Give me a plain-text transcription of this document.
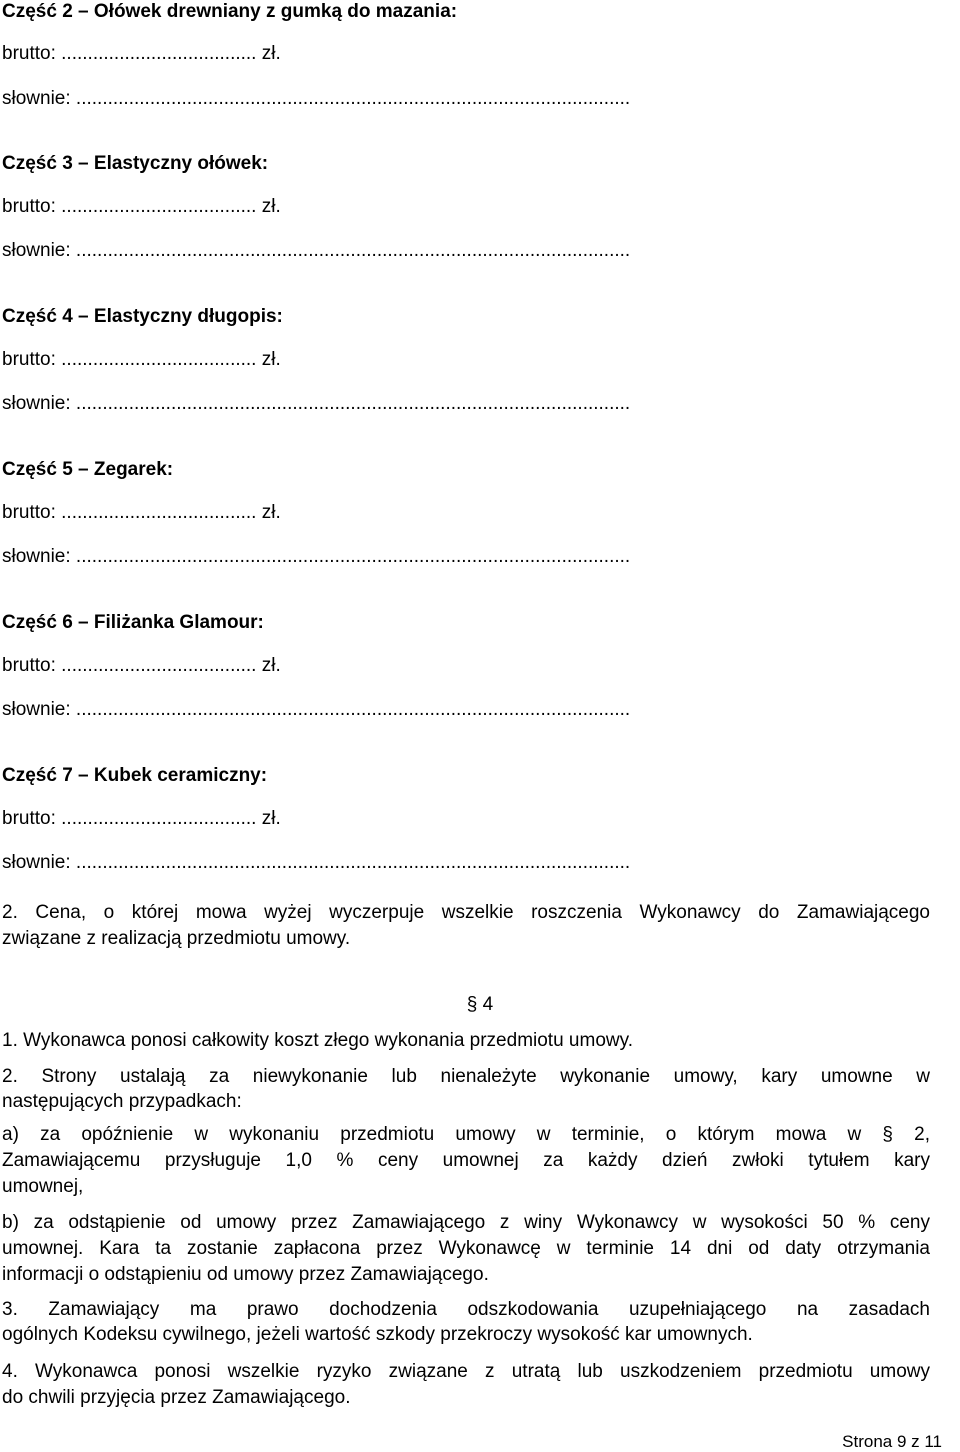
Część 2 – Ołówek drewniany z gumką do mazania:
brutto: ..................................... zł.
słownie: .........................................................................................................
Część 3 – Elastyczny ołówek:
brutto: ..................................... zł.
słownie: .........................................................................................................
Część 4 – Elastyczny długopis:
brutto: ..................................... zł.
słownie: .........................................................................................................
Część 5 – Zegarek:
brutto: ..................................... zł.
słownie: .........................................................................................................
Część 6 – Filiżanka Glamour:
brutto: ..................................... zł.
słownie: .........................................................................................................
Część 7 – Kubek ceramiczny:
brutto: ..................................... zł.
słownie: .........................................................................................................
2. Cena, o której mowa wyżej wyczerpuje wszelkie roszczenia Wykonawcy do Zamawiającego
związane z realizacją przedmiotu umowy.
§ 4
1. Wykonawca ponosi całkowity koszt złego wykonania przedmiotu umowy.
2. Strony ustalają za niewykonanie lub nienależyte wykonanie umowy, kary umowne w
następujących przypadkach:
a) za opóźnienie w wykonaniu przedmiotu umowy w terminie, o którym mowa w § 2,
Zamawiającemu przysługuje 1,0 % ceny umownej za każdy dzień zwłoki tytułem kary
umownej,
b) za odstąpienie od umowy przez Zamawiającego z winy Wykonawcy w wysokości 50 % ceny
umownej. Kara ta zostanie zapłacona przez Wykonawcę w terminie 14 dni od daty otrzymania
informacji o odstąpieniu od umowy przez Zamawiającego.
3. Zamawiający ma prawo dochodzenia odszkodowania uzupełniającego na zasadach
ogólnych Kodeksu cywilnego, jeżeli wartość szkody przekroczy wysokość kar umownych.
4. Wykonawca ponosi wszelkie ryzyko związane z utratą lub uszkodzeniem przedmiotu umowy
do chwili przyjęcia przez Zamawiającego.
Strona 9 z 11
